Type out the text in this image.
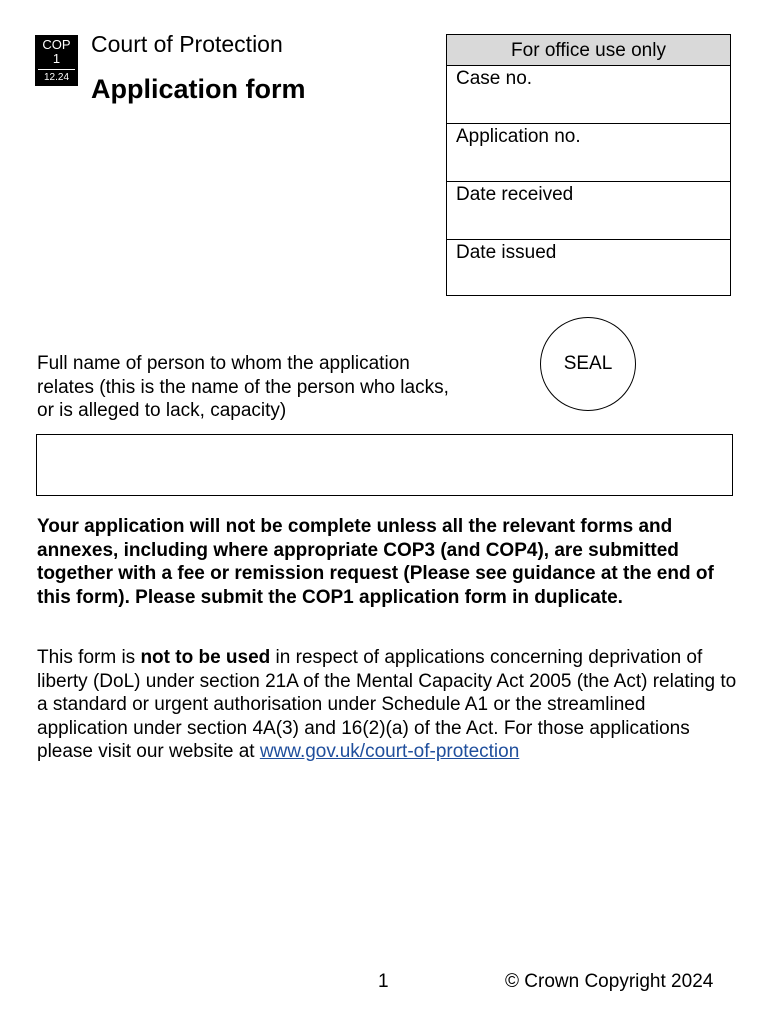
COP
1
12.24
Court of Protection
Application form
For office use only
Case no.
Application no.
Date received
Date issued
SEAL
Full name of person to whom the application relates (this is the name of the person who lacks, or is alleged to lack, capacity)
Your application will not be complete unless all the relevant forms and annexes, including where appropriate COP3 (and COP4), are submitted together with a fee or remission request (Please see guidance at the end of this form). Please submit the COP1 application form in duplicate.
This form is not to be used in respect of applications concerning deprivation of liberty (DoL) under section 21A of the Mental Capacity Act 2005 (the Act) relating to a standard or urgent authorisation under Schedule A1 or the streamlined application under section 4A(3) and 16(2)(a) of the Act. For those applications please visit our website at www.gov.uk/court-of-protection
1	© Crown Copyright 2024
